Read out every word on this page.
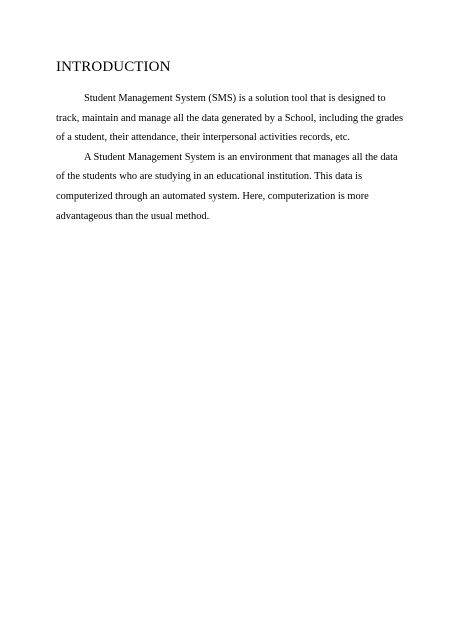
INTRODUCTION

Student Management System (SMS) is a solution tool that is designed to
track, maintain and manage all the data generated by a School, including the grades
of a student, their attendance, their interpersonal activities records, etc.

A Student Management System is an environment that manages all the data
of the students who are studying in an educational institution. This data is
computerized through an automated system. Here, computerization is more
advantageous than the usual method.
